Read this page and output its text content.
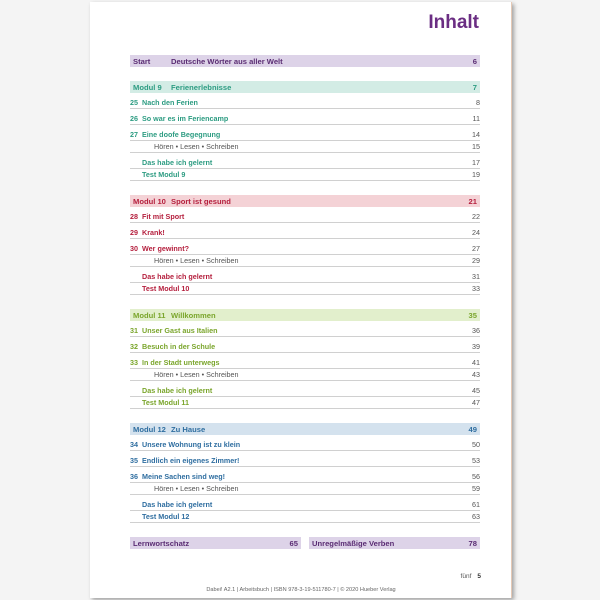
Inhalt
Start	Deutsche Wörter aus aller Welt	6
Modul 9	Ferienerlebnisse	7
25 Nach den Ferien	8
26 So war es im Feriencamp	11
27 Eine doofe Begegnung	14
Hören • Lesen • Schreiben	15
Das habe ich gelernt	17
Test Modul 9	19
Modul 10 Sport ist gesund	21
28 Fit mit Sport	22
29 Krank!	24
30 Wer gewinnt?	27
Hören • Lesen • Schreiben	29
Das habe ich gelernt	31
Test Modul 10	33
Modul 11 Willkommen	35
31 Unser Gast aus Italien	36
32 Besuch in der Schule	39
33 In der Stadt unterwegs	41
Hören • Lesen • Schreiben	43
Das habe ich gelernt	45
Test Modul 11	47
Modul 12 Zu Hause	49
34 Unsere Wohnung ist zu klein	50
35 Endlich ein eigenes Zimmer!	53
36 Meine Sachen sind weg!	56
Hören • Lesen • Schreiben	59
Das habe ich gelernt	61
Test Modul 12	63
Lernwortschatz	65 Unregelmäßige Verben	78
fünf 5
Dabei! A2.1 | Arbeitsbuch | ISBN 978-3-19-511780-7 | © 2020 Hueber Verlag
